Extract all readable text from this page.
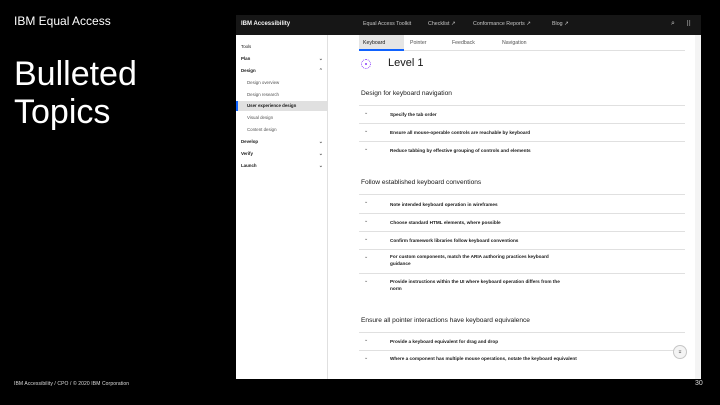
IBM Equal Access
Bulleted
Topics
IBM Accessibility / CPO / © 2020 IBM Corporation	30
IBM Accessibility	Equal Access Toolkit	Checklist ↗	Conformance Reports ↗	Blog ↗	⌕ ⠿
Tools
Plan	⌄
Design	⌃
Design overview
Design research
User experience design
Visual design
Content design
Develop	⌄
Verify	⌄
Launch	⌄
Keyboard	Pointer	Feedback	Navigation
Level 1
Design for keyboard navigation
⌄	Specify the tab order
⌄	Ensure all mouse-operable controls are reachable by keyboard
⌄	Reduce tabbing by effective grouping of controls and elements
Follow established keyboard conventions
⌄	Note intended keyboard operation in wireframes
⌄	Choose standard HTML elements, where possible
⌄	Confirm framework libraries follow keyboard conventions
⌄	For custom components, match the ARIA authoring practices keyboard guidance
⌄	Provide instructions within the UI where keyboard operation differs from the norm
Ensure all pointer interactions have keyboard equivalence
⌄	Provide a keyboard equivalent for drag and drop
⌄	Where a component has multiple mouse operations, notate the keyboard equivalent
⌅
